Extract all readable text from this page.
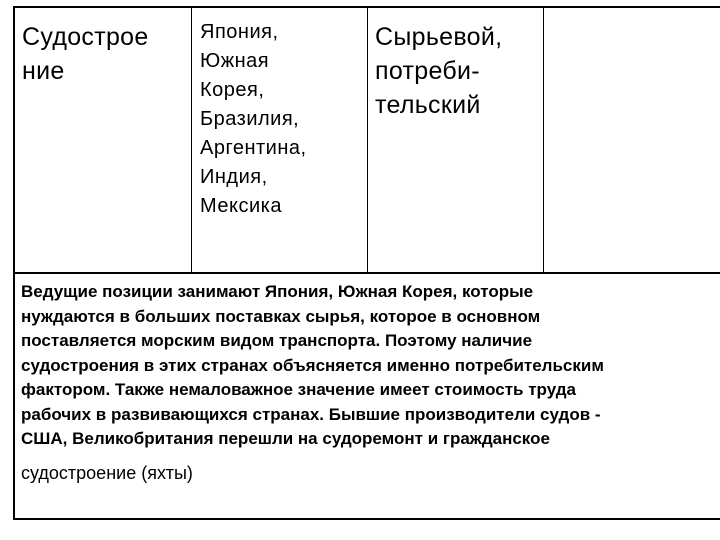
Судострое
ние
Япония,
Южная
Корея,
Бразилия,
Аргентина,
Индия,
Мексика
Сырьевой,
потреби-
тельский
Ведущие позиции занимают Япония, Южная Корея, которые
нуждаются в больших поставках сырья, которое в основном
поставляется морским видом транспорта. Поэтому наличие
судостроения в этих странах объясняется именно потребительским
фактором. Также немаловажное значение имеет стоимость труда
рабочих в развивающихся странах. Бывшие производители судов -
США, Великобритания перешли на судоремонт и гражданское
судостроение (яхты)
